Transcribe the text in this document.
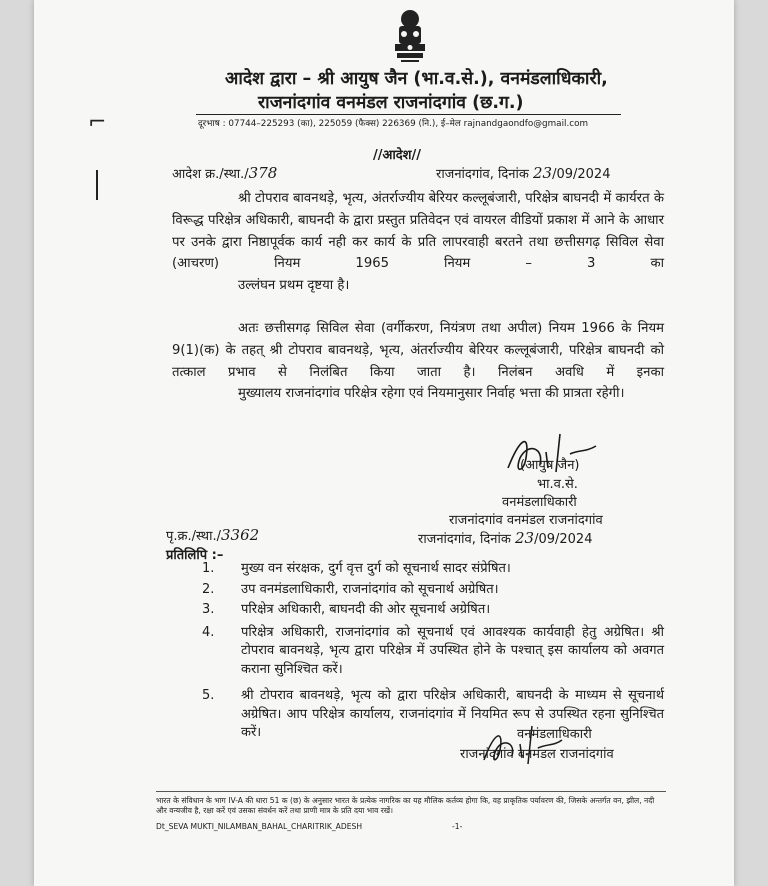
⌐
आदेश द्वारा – श्री आयुष जैन (भा.व.से.), वनमंडलाधिकारी,
राजनांदगांव वनमंडल राजनांदगांव (छ.ग.)
दूरभाष : 07744–225293 (का), 225059 (फैक्स) 226369 (नि.), ई–मेल rajnandgaondfo@gmail.com
//आदेश//
आदेश क्र./स्था./378	राजनांदगांव, दिनांक 23/09/2024
श्री टोपराव बावनथड़े, भृत्य, अंतर्राज्यीय बेरियर कल्लूबंजारी, परिक्षेत्र बाघनदी में कार्यरत के विरूद्ध परिक्षेत्र अधिकारी, बाघनदी के द्वारा प्रस्तुत प्रतिवेदन एवं वायरल वीडियों प्रकाश में आने के आधार पर उनके द्वारा निष्ठापूर्वक कार्य नही कर कार्य के प्रति लापरवाही बरतने तथा छत्तीसगढ़ सिविल सेवा (आचरण) नियम 1965 नियम – 3 का
उल्लंघन प्रथम दृष्टया है।
अतः छत्तीसगढ़ सिविल सेवा (वर्गीकरण, नियंत्रण तथा अपील) नियम 1966 के नियम 9(1)(क) के तहत् श्री टोपराव बावनथड़े, भृत्य, अंतर्राज्यीय बेरियर कल्लूबंजारी, परिक्षेत्र बाघनदी को तत्काल प्रभाव से निलंबित किया जाता है। निलंबन अवधि में इनका
मुख्यालय राजनांदगांव परिक्षेत्र रहेगा एवं नियमानुसार निर्वाह भत्ता की प्रात्रता रहेगी।
(आयुष जैन)
भा.व.से.
वनमंडलाधिकारी
राजनांदगांव वनमंडल राजनांदगांव
पृ.क्र./स्था./3362	राजनांदगांव, दिनांक 23/09/2024
प्रतिलिपि :–
1. मुख्य वन संरक्षक, दुर्ग वृत्त दुर्ग को सूचनार्थ सादर संप्रेषित।
2. उप वनमंडलाधिकारी, राजनांदगांव को सूचनार्थ अग्रेषित।
3. परिक्षेत्र अधिकारी, बाघनदी की ओर सूचनार्थ अग्रेषित।
4. परिक्षेत्र अधिकारी, राजनांदगांव को सूचनार्थ एवं आवश्यक कार्यवाही हेतु अग्रेषित। श्री टोपराव बावनथड़े, भृत्य द्वारा परिक्षेत्र में उपस्थित होने के पश्चात् इस कार्यालय को अवगत कराना सुनिश्चित करें।
5. श्री टोपराव बावनथड़े, भृत्य को द्वारा परिक्षेत्र अधिकारी, बाघनदी के माध्यम से सूचनार्थ अग्रेषित। आप परिक्षेत्र कार्यालय, राजनांदगांव में नियमित रूप से उपस्थित रहना सुनिश्चित करें।	वनमंडलाधिकारी
राजनांदगांव वनमंडल राजनांदगांव
भारत के संविधान के भाग IV-A की धारा 51 क (छ) के अनुसार भारत के प्रत्येक नागरिक का यह मौलिक कर्तव्य होगा कि, वह प्राकृतिक पर्यावरण की, जिसके अन्तर्गत वन, झील, नदी और वन्यजीव है, रक्षा करें एवं उसका संवर्धन करें तथा प्राणी मात्र के प्रति दया भाव रखें।
Dt_SEVA MUKTI_NILAMBAN_BAHAL_CHARITRIK_ADESH	-1-
